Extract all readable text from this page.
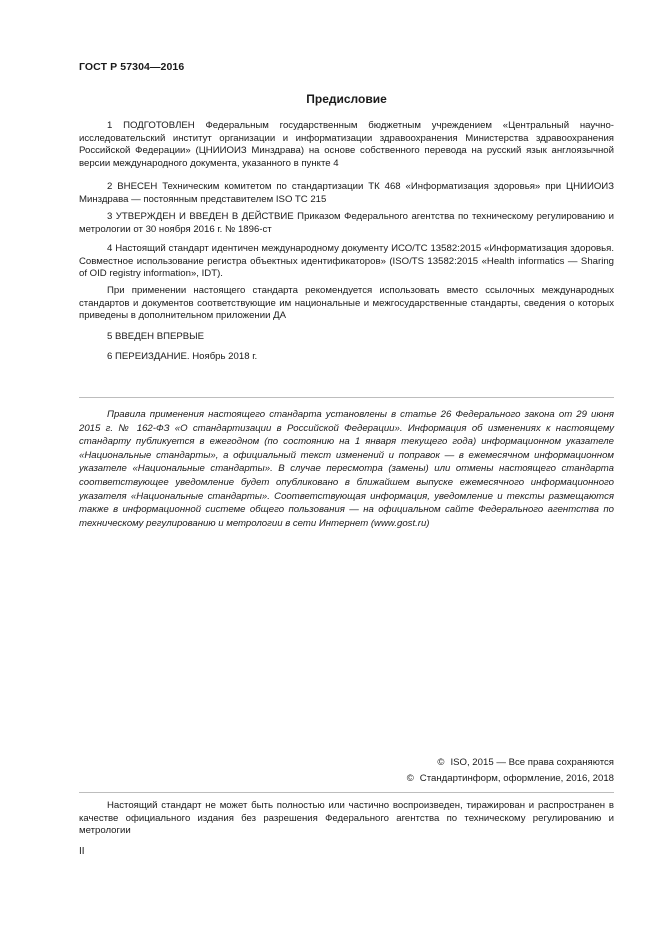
ГОСТ Р 57304—2016
Предисловие

1 ПОДГОТОВЛЕН Федеральным государственным бюджетным учреждением «Центральный научно-исследовательский институт организации и информатизации здравоохранения Министерства здравоохранения Российской Федерации» (ЦНИИОИЗ Минздрава) на основе собственного перевода на русский язык англоязычной версии международного документа, указанного в пункте 4

2 ВНЕСЕН Техническим комитетом по стандартизации ТК 468 «Информатизация здоровья» при ЦНИИОИЗ Минздрава — постоянным представителем ISO TC 215

3 УТВЕРЖДЕН И ВВЕДЕН В ДЕЙСТВИЕ Приказом Федерального агентства по техническому регулированию и метрологии от 30 ноября 2016 г. № 1896-ст

4 Настоящий стандарт идентичен международному документу ИСО/ТС 13582:2015 «Информатизация здоровья. Совместное использование регистра объектных идентификаторов» (ISO/TS 13582:2015 «Health informatics — Sharing of OID registry information», IDT).

При применении настоящего стандарта рекомендуется использовать вместо ссылочных международных стандартов и документов соответствующие им национальные и межгосударственные стандарты, сведения о которых приведены в дополнительном приложении ДА

5 ВВЕДЕН ВПЕРВЫЕ

6 ПЕРЕИЗДАНИЕ. Ноябрь 2018 г.

Правила применения настоящего стандарта установлены в статье 26 Федерального закона от 29 июня 2015 г. № 162-ФЗ «О стандартизации в Российской Федерации». Информация об изменениях к настоящему стандарту публикуется в ежегодном (по состоянию на 1 января текущего года) информационном указателе «Национальные стандарты», а официальный текст изменений и поправок — в ежемесячном информационном указателе «Национальные стандарты». В случае пересмотра (замены) или отмены настоящего стандарта соответствующее уведомление будет опубликовано в ближайшем выпуске ежемесячного информационного указателя «Национальные стандарты». Соответствующая информация, уведомление и тексты размещаются также в информационной системе общего пользования — на официальном сайте Федерального агентства по техническому регулированию и метрологии в сети Интернет (www.gost.ru)

© ISO, 2015 — Все права сохраняются
© Стандартинформ, оформление, 2016, 2018

Настоящий стандарт не может быть полностью или частично воспроизведен, тиражирован и распространен в качестве официального издания без разрешения Федерального агентства по техническому регулированию и метрологии

II
